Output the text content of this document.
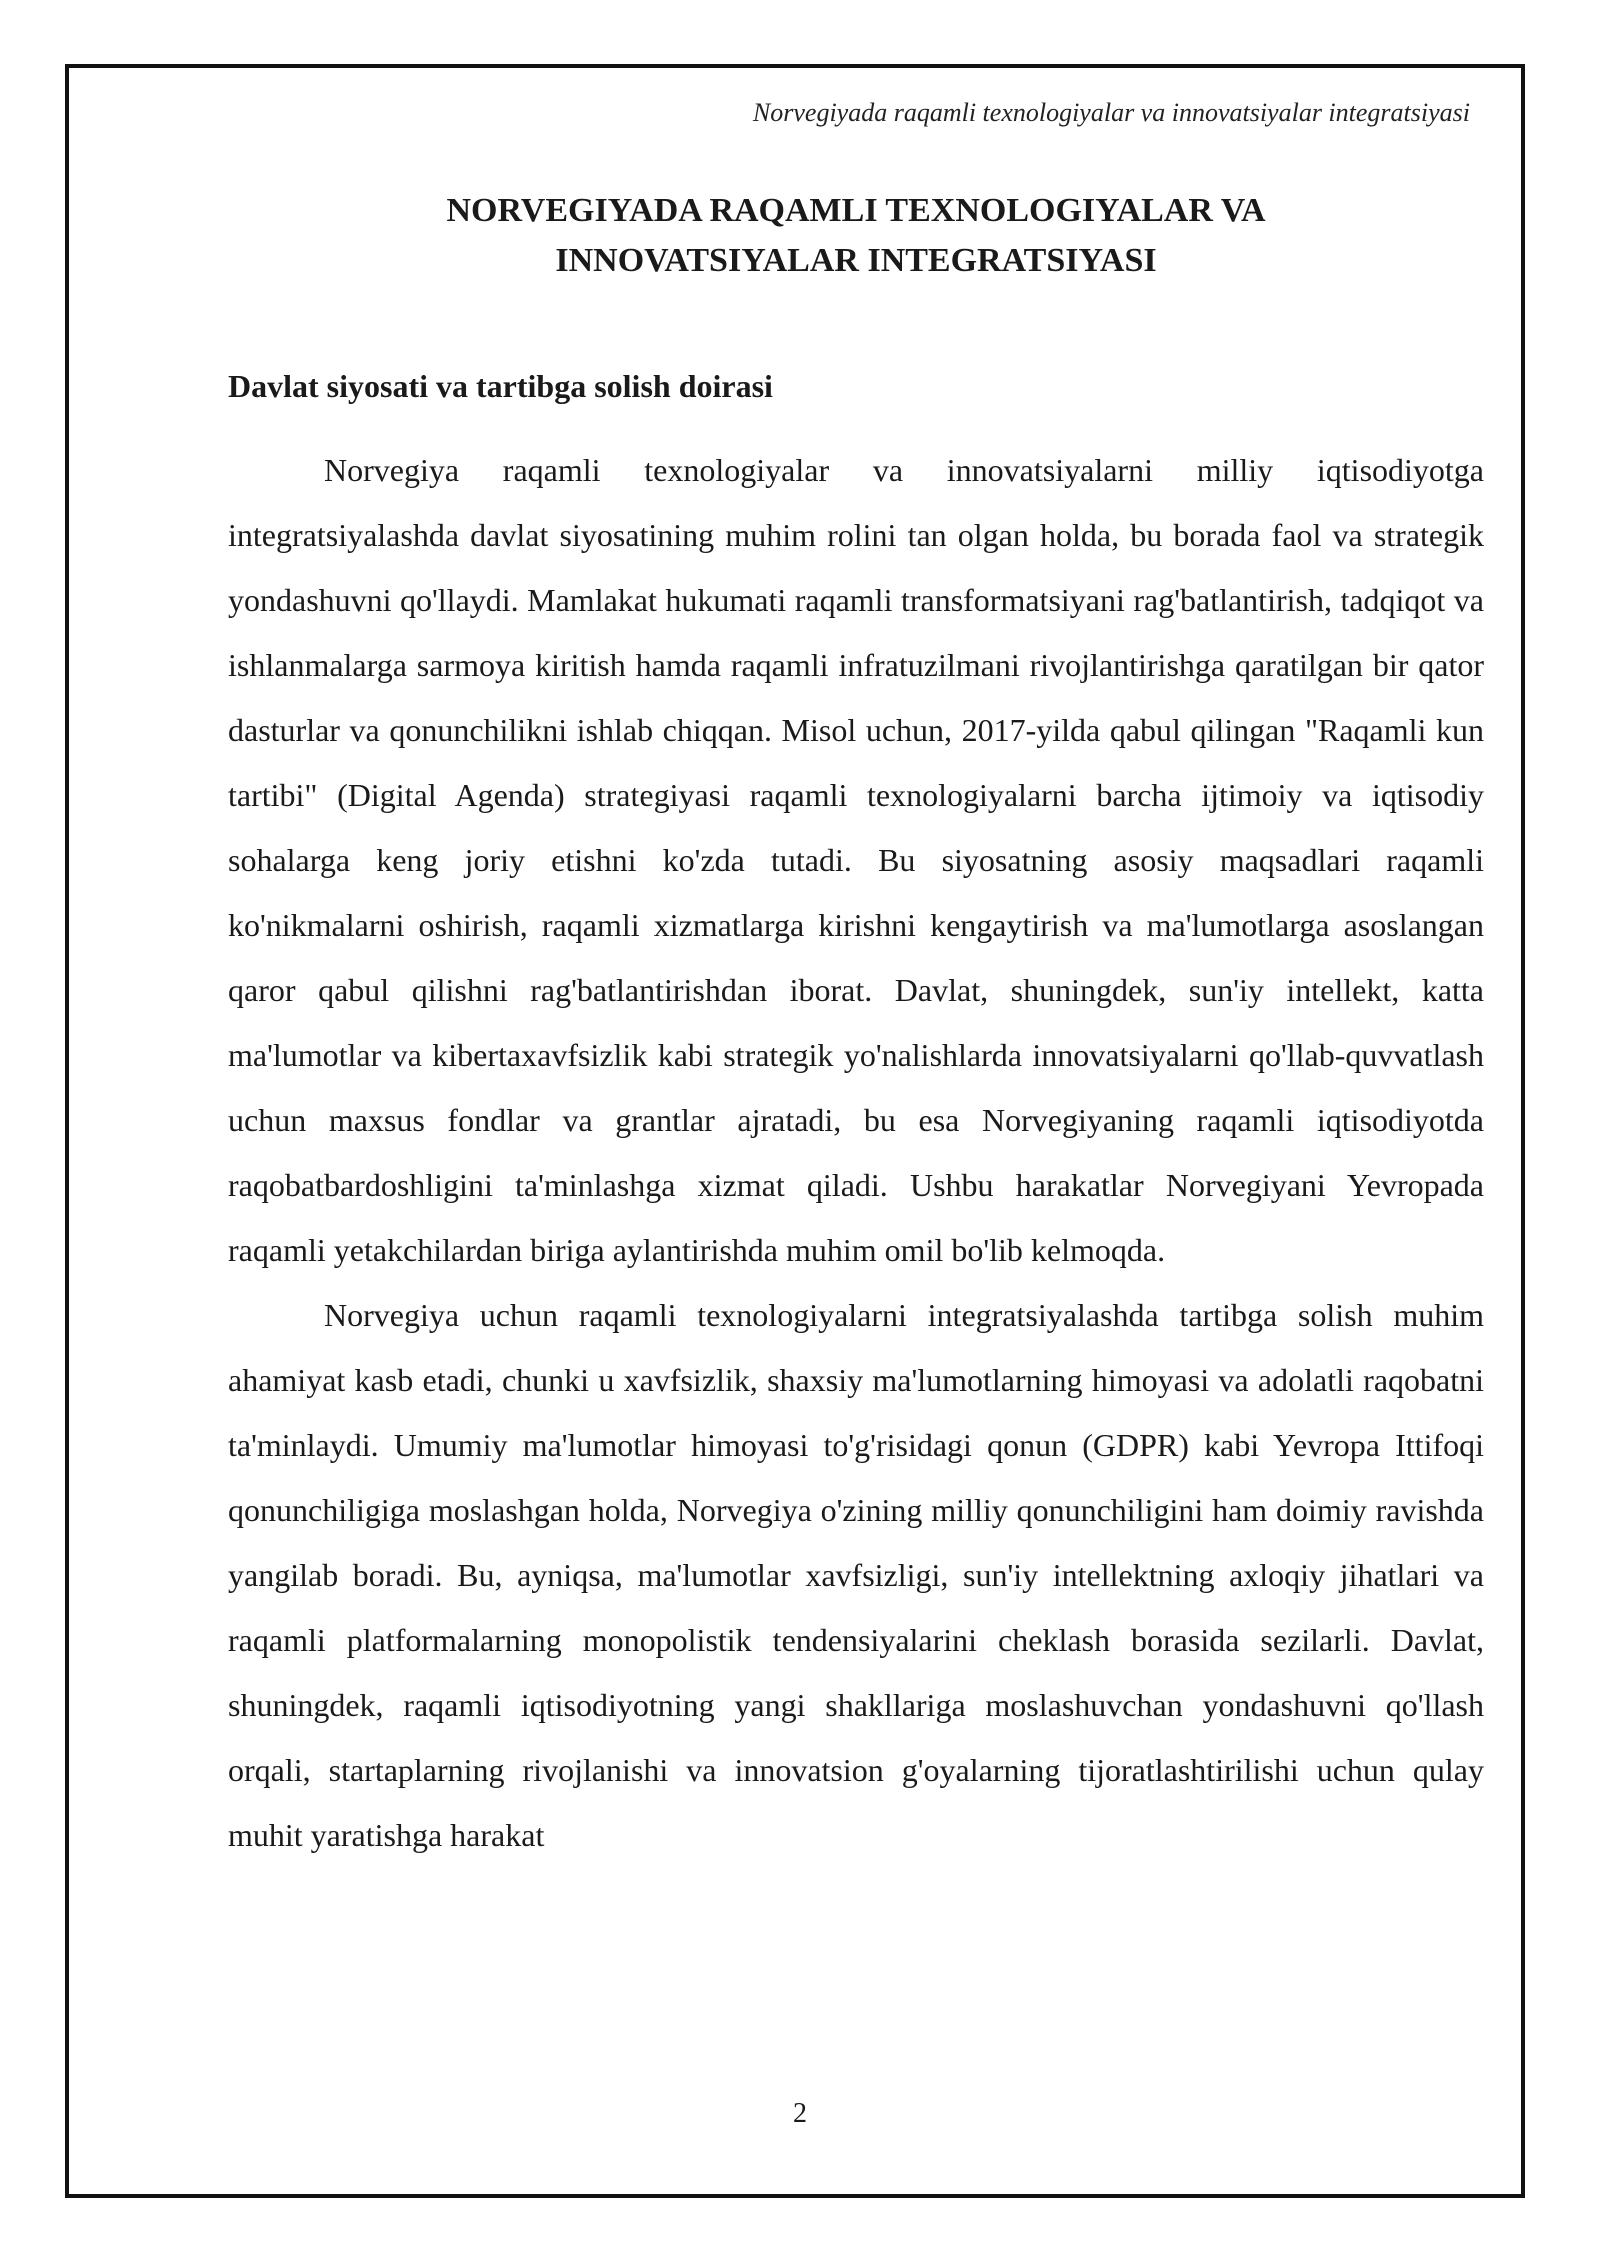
Norvegiyada raqamli texnologiyalar va innovatsiyalar integratsiyasi
NORVEGIYADA RAQAMLI TEXNOLOGIYALAR VA
INNOVATSIYALAR INTEGRATSIYASI
Davlat siyosati va tartibga solish doirasi

Norvegiya raqamli texnologiyalar va innovatsiyalarni milliy iqtisodiyotga integratsiyalashda davlat siyosatining muhim rolini tan olgan holda, bu borada faol va strategik yondashuvni qo'llaydi. Mamlakat hukumati raqamli transformatsiyani rag'batlantirish, tadqiqot va ishlanmalarga sarmoya kiritish hamda raqamli infratuzilmani rivojlantirishga qaratilgan bir qator dasturlar va qonunchilikni ishlab chiqqan. Misol uchun, 2017-yilda qabul qilingan "Raqamli kun tartibi" (Digital Agenda) strategiyasi raqamli texnologiyalarni barcha ijtimoiy va iqtisodiy sohalarga keng joriy etishni ko'zda tutadi. Bu siyosatning asosiy maqsadlari raqamli ko'nikmalarni oshirish, raqamli xizmatlarga kirishni kengaytirish va ma'lumotlarga asoslangan qaror qabul qilishni rag'batlantirishdan iborat. Davlat, shuningdek, sun'iy intellekt, katta ma'lumotlar va kibertaxavfsizlik kabi strategik yo'nalishlarda innovatsiyalarni qo'llab-quvvatlash uchun maxsus fondlar va grantlar ajratadi, bu esa Norvegiyaning raqamli iqtisodiyotda raqobatbardoshligini ta'minlashga xizmat qiladi. Ushbu harakatlar Norvegiyani Yevropada raqamli yetakchilardan biriga aylantirishda muhim omil bo'lib kelmoqda.

Norvegiya uchun raqamli texnologiyalarni integratsiyalashda tartibga solish muhim ahamiyat kasb etadi, chunki u xavfsizlik, shaxsiy ma'lumotlarning himoyasi va adolatli raqobatni ta'minlaydi. Umumiy ma'lumotlar himoyasi to'g'risidagi qonun (GDPR) kabi Yevropa Ittifoqi qonunchiligiga moslashgan holda, Norvegiya o'zining milliy qonunchiligini ham doimiy ravishda yangilab boradi. Bu, ayniqsa, ma'lumotlar xavfsizligi, sun'iy intellektning axloqiy jihatlari va raqamli platformalarning monopolistik tendensiyalarini cheklash borasida sezilarli. Davlat, shuningdek, raqamli iqtisodiyotning yangi shakllariga moslashuvchan yondashuvni qo'llash orqali, startaplarning rivojlanishi va innovatsion g'oyalarning tijoratlashtirilishi uchun qulay muhit yaratishga harakat

2
